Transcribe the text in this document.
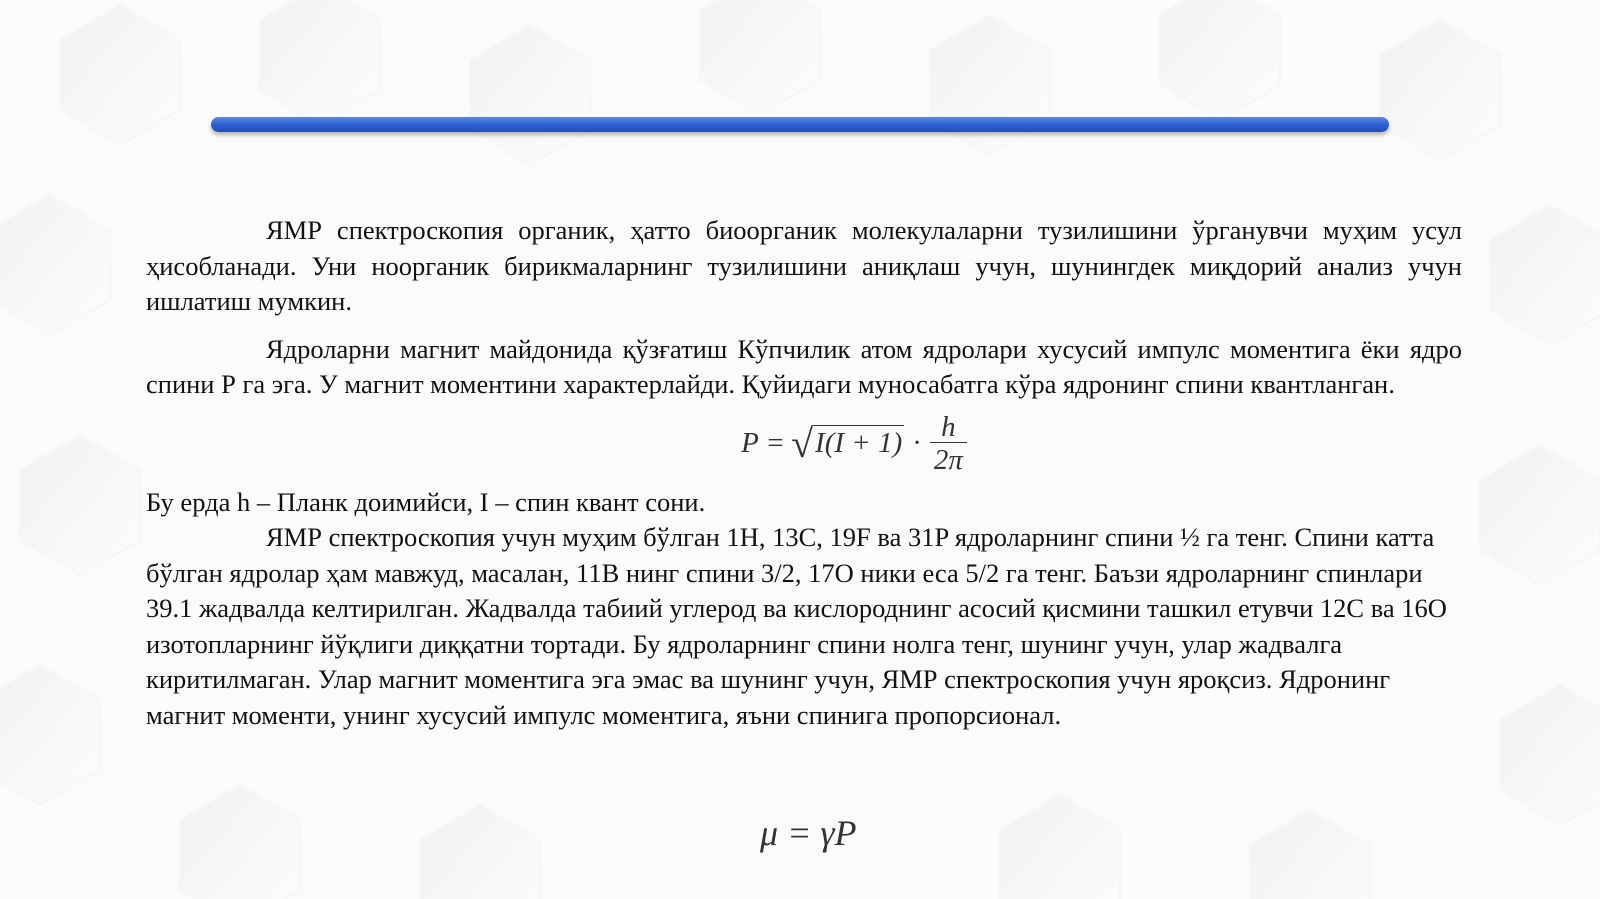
ЯМР спектроскопия органик, ҳатто биоорганик молекулаларни тузилишини ўрганувчи муҳим усул ҳисобланади. Уни ноорганик бирикмаларнинг тузилишини аниқлаш учун, шунингдек миқдорий анализ учун ишлатиш мумкин.

Ядроларни магнит майдонида қўзғатиш Кўпчилик атом ядролари хусусий импулс моментига ёки ядро спини Р га эга. У магнит моментини характерлайди. Қуйидаги муносабатга кўра ядронинг спини квантланган.

P = √ $I(I + 1) \cdot \frac{h}{2\pi}$

Бу ерда h – Планк доимийси, I – спин квант сони.

ЯМР спектроскопия учун муҳим бўлган 1H, 13C, 19F ва 31P ядроларнинг спини ½ га тенг. Спини катта бўлган ядролар ҳам мавжуд, масалан, 11B нинг спини 3/2, 17O ники еса 5/2 га тенг. Баъзи ядроларнинг спинлари 39.1 жадвалда келтирилган. Жадвалда табиий углерод ва кислороднинг асосий қисмини ташкил етувчи 12С ва 16O изотопларнинг йўқлиги диққатни тортади. Бу ядроларнинг спини нолга тенг, шунинг учун, улар жадвалга киритилмаган. Улар магнит моментига эга эмас ва шунинг учун, ЯМР спектроскопия учун яроқсиз. Ядронинг магнит моменти, унинг хусусий импулс моментига, яъни спинига пропорсионал.

μ = γP
